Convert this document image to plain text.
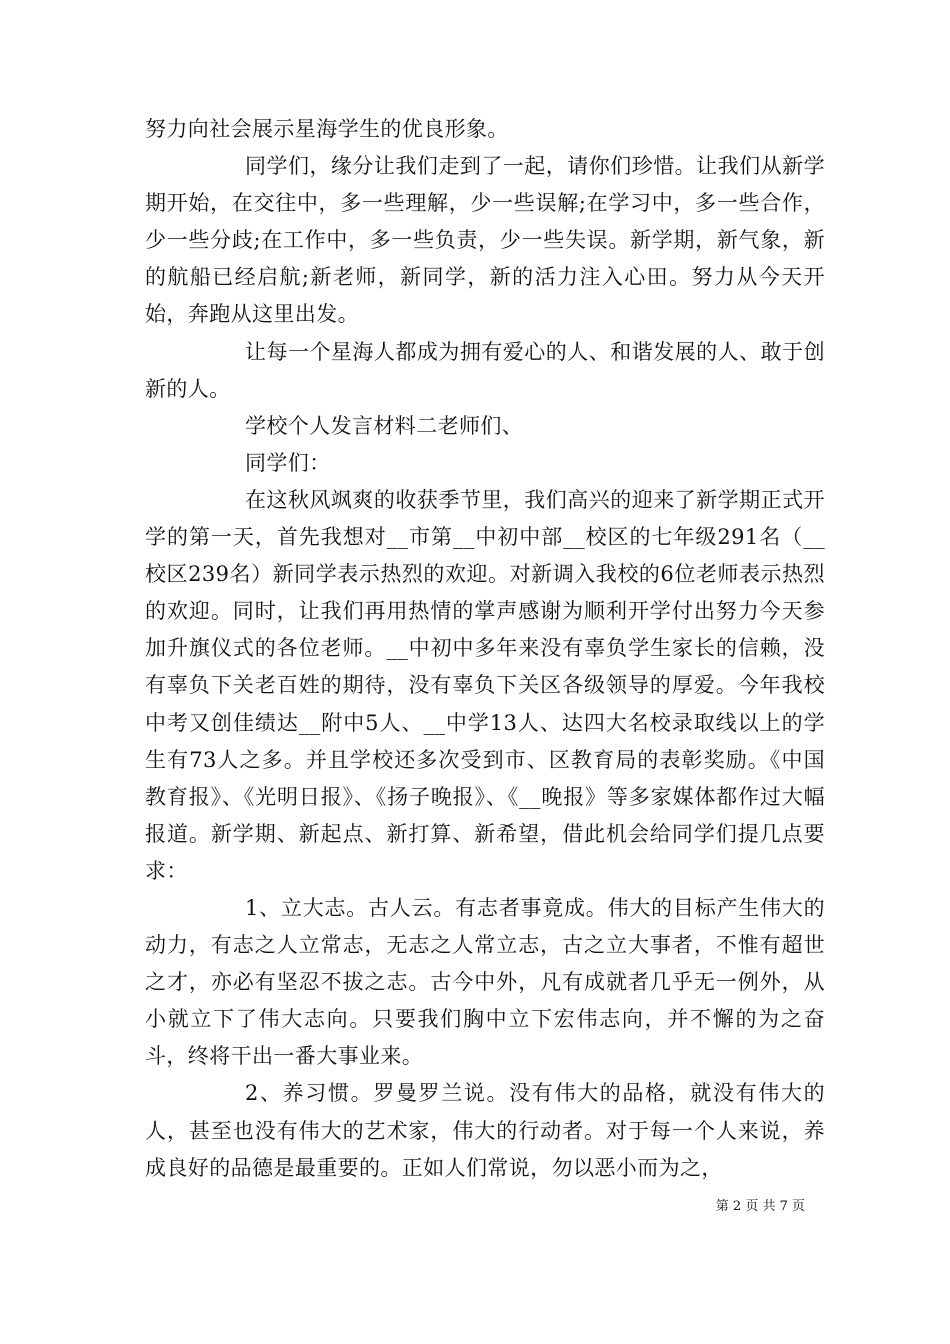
努力向社会展示星海学生的优良形象。

同学们，缘分让我们走到了一起，请你们珍惜。让我们从新学期开始，在交往中，多一些理解，少一些误解;在学习中，多一些合作，少一些分歧;在工作中，多一些负责，少一些失误。新学期，新气象，新的航船已经启航;新老师，新同学，新的活力注入心田。努力从今天开始，奔跑从这里出发。

让每一个星海人都成为拥有爱心的人、和谐发展的人、敢于创新的人。

学校个人发言材料二老师们、

同学们：

在这秋风飒爽的收获季节里，我们高兴的迎来了新学期正式开学的第一天，首先我想对__市第__中初中部__校区的七年级291名（__校区239名）新同学表示热烈的欢迎。对新调入我校的6位老师表示热烈的欢迎。同时，让我们再用热情的掌声感谢为顺利开学付出努力今天参加升旗仪式的各位老师。__中初中多年来没有辜负学生家长的信赖，没有辜负下关老百姓的期待，没有辜负下关区各级领导的厚爱。今年我校中考又创佳绩达__附中5人、__中学13人、达四大名校录取线以上的学生有73人之多。并且学校还多次受到市、区教育局的表彰奖励。《中国教育报》、《光明日报》、《扬子晚报》、《__晚报》等多家媒体都作过大幅报道。新学期、新起点、新打算、新希望，借此机会给同学们提几点要求：

1、立大志。古人云。有志者事竟成。伟大的目标产生伟大的动力，有志之人立常志，无志之人常立志，古之立大事者，不惟有超世之才，亦必有坚忍不拔之志。古今中外，凡有成就者几乎无一例外，从小就立下了伟大志向。只要我们胸中立下宏伟志向，并不懈的为之奋斗，终将干出一番大事业来。

2、养习惯。罗曼罗兰说。没有伟大的品格，就没有伟大的人，甚至也没有伟大的艺术家，伟大的行动者。对于每一个人来说，养成良好的品德是最重要的。正如人们常说，勿以恶小而为之，

第 2 页 共 7 页
